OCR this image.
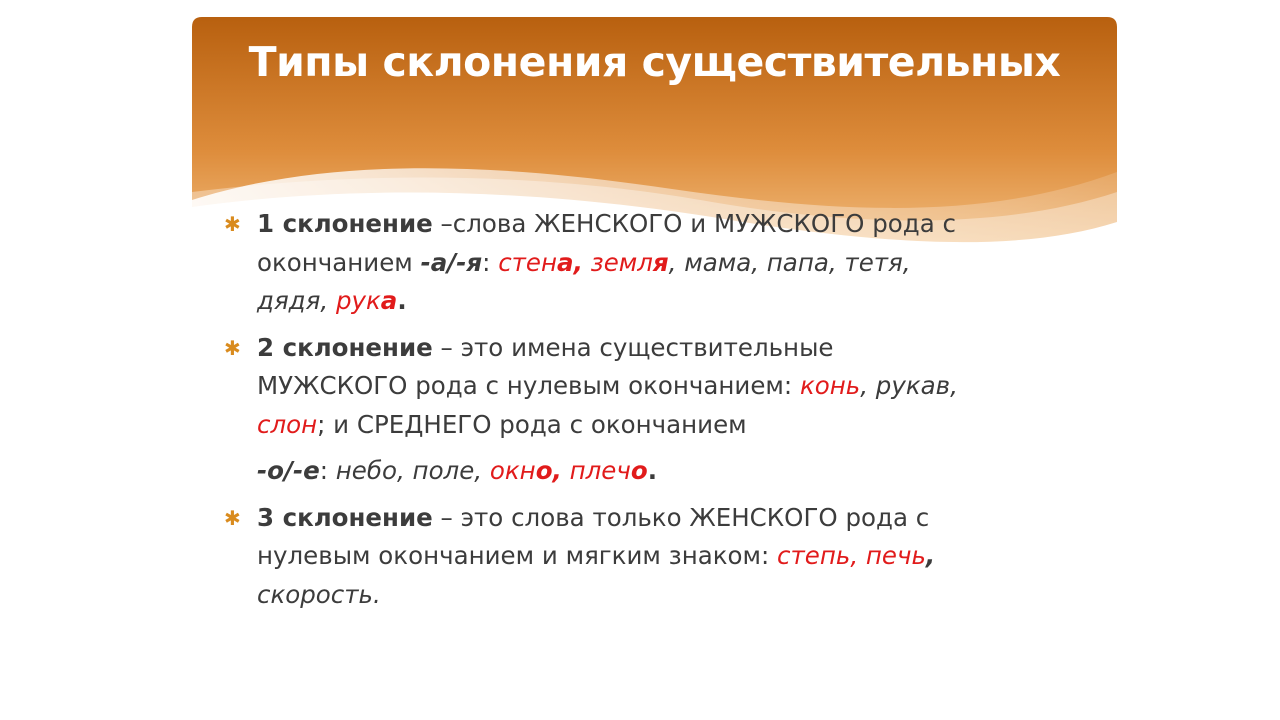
Типы склонения существительных
✱ 1 склонение –слова ЖЕНСКОГО и МУЖСКОГО рода с
окончанием -а/-я: стена, земля, мама, папа, тетя,
дядя, рука.
✱ 2 склонение – это имена существительные
МУЖСКОГО рода с нулевым окончанием: конь, рукав,
слон; и СРЕДНЕГО рода с окончанием
-о/-е: небо, поле, окно, плечо.
✱ 3 склонение – это слова только ЖЕНСКОГО рода с
нулевым окончанием и мягким знаком: степь, печь,
скорость.
